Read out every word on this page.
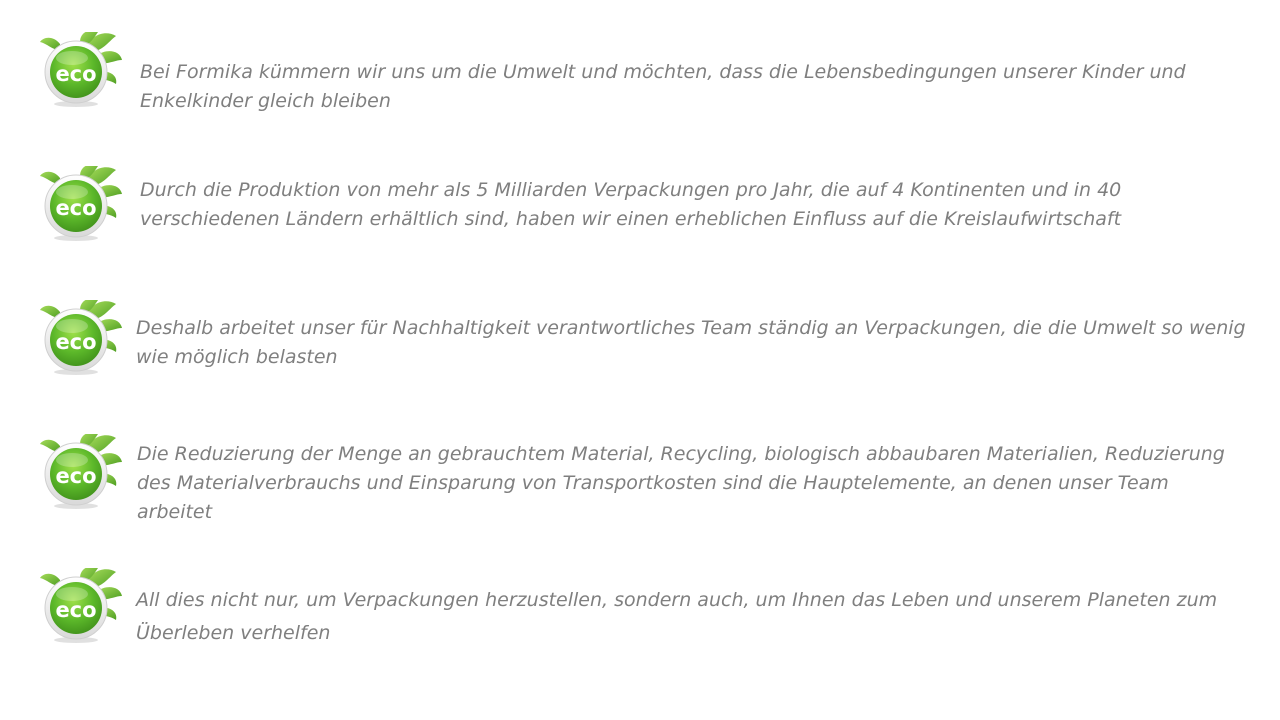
eco Bei Formika kümmern wir uns um die Umwelt und möchten, dass die Lebensbedingungen unserer Kinder und Enkelkinder gleich bleiben

eco

Durch die Produktion von mehr als 5 Milliarden Verpackungen pro Jahr, die auf 4 Kontinenten und in 40 verschiedenen Ländern erhältlich sind, haben wir einen erheblichen Einfluss auf die Kreislaufwirtschaft

eco

Deshalb arbeitet unser für Nachhaltigkeit verantwortliches Team ständig an Verpackungen, die die Umwelt so wenig wie möglich belasten

eco

Die Reduzierung der Menge an gebrauchtem Material, Recycling, biologisch abbaubaren Materialien, Reduzierung des Materialverbrauchs und Einsparung von Transportkosten sind die Hauptelemente, an denen unser Team arbeitet

eco All dies nicht nur, um Verpackungen herzustellen, sondern auch, um Ihnen das Leben und unserem Planeten zum Überleben verhelfen
